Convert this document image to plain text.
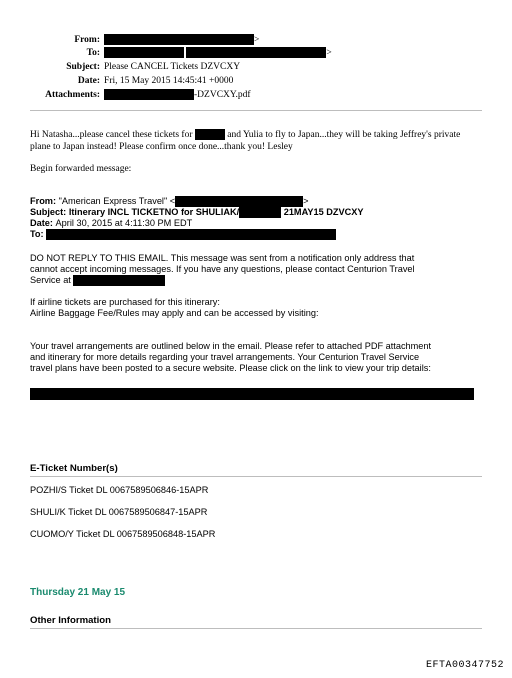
From:	>
To:	>
Subject: Please CANCEL Tickets DZVCXY
Date: Fri, 15 May 2015 14:45:41 +0000
Attachments:	-DZVCXY.pdf
Hi Natasha...please cancel these tickets for	and Yulia to fly to Japan...they will be taking Jeffrey's private
plane to Japan instead! Please confirm once done...thank you! Lesley
Begin forwarded message:
From: "American Express Travel" <	>
Subject: Itinerary INCL TICKETNO for SHULIAK/	21MAY15 DZVCXY
Date: April 30, 2015 at 4:11:30 PM EDT
To:
DO NOT REPLY TO THIS EMAIL. This message was sent from a notification only address that
cannot accept incoming messages. If you have any questions, please contact Centurion Travel
Service at
If airline tickets are purchased for this itinerary:
Airline Baggage Fee/Rules may apply and can be accessed by visiting:
Your travel arrangements are outlined below in the email. Please refer to attached PDF attachment
and itinerary for more details regarding your travel arrangements. Your Centurion Travel Service
travel plans have been posted to a secure website. Please click on the link to view your trip details:
E-Ticket Number(s)
POZHI/S Ticket DL 0067589506846-15APR
SHULI/K Ticket DL 0067589506847-15APR
CUOMO/Y Ticket DL 0067589506848-15APR
Thursday 21 May 15
Other Information
EFTA00347752
